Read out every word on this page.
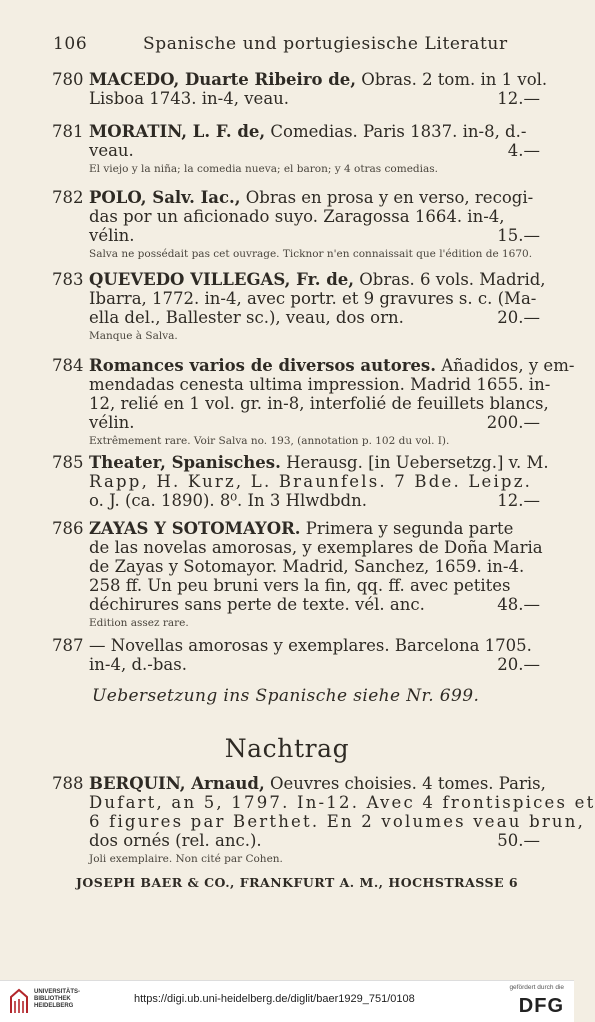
106	Spanische und portugiesische Literatur
780 MACEDO, Duarte Ribeiro de, Obras. 2 tom. in 1 vol.
Lisboa 1743. in-4, veau.	12.—
781 MORATIN, L. F. de, Comedias. Paris 1837. in-8, d.-
veau.	4.—
El viejo y la niña; la comedia nueva; el baron; y 4 otras comedias.
782 POLO, Salv. Iac., Obras en prosa y en verso, recogi-
das por un aficionado suyo. Zaragossa 1664. in-4,
vélin.	15.—
Salva ne possédait pas cet ouvrage. Ticknor n'en connaissait que l'édition de 1670.
783 QUEVEDO VILLEGAS, Fr. de, Obras. 6 vols. Madrid,
Ibarra, 1772. in-4, avec portr. et 9 gravures s. c. (Ma-
ella del., Ballester sc.), veau, dos orn.	20.—
Manque à Salva.
784 Romances varios de diversos autores. Añadidos, y em-
mendadas cenesta ultima impression. Madrid 1655. in-
12, relié en 1 vol. gr. in-8, interfolié de feuillets blancs,
vélin.	200.—
Extrêmement rare. Voir Salva no. 193, (annotation p. 102 du vol. I).
785 Theater, Spanisches. Herausg. [in Uebersetzg.] v. M.
Rapp, H. Kurz, L. Braunfels. 7 Bde. Leipz.
o. J. (ca. 1890). 8⁰. In 3 Hlwdbdn.	12.—
786 ZAYAS Y SOTOMAYOR. Primera y segunda parte
de las novelas amorosas, y exemplares de Doña Maria
de Zayas y Sotomayor. Madrid, Sanchez, 1659. in-4.
258 ff. Un peu bruni vers la fin, qq. ff. avec petites
déchirures sans perte de texte. vél. anc.	48.—
Edition assez rare.
787 — Novellas amorosas y exemplares. Barcelona 1705.
in-4, d.-bas.	20.—
Uebersetzung ins Spanische siehe Nr. 699.
Nachtrag
788 BERQUIN, Arnaud, Oeuvres choisies. 4 tomes. Paris,
Dufart, an 5, 1797. In-12. Avec 4 frontispices et
6 figures par Berthet. En 2 volumes veau brun,
dos ornés (rel. anc.).	50.—
Joli exemplaire. Non cité par Cohen.
JOSEPH BAER & CO., FRANKFURT A. M., HOCHSTRASSE 6
UNIVERSITÄTS-
BIBLIOTHEK
HEIDELBERG
https://digi.ub.uni-heidelberg.de/diglit/baer1929_751/0108
gefördert durch die
DFG
